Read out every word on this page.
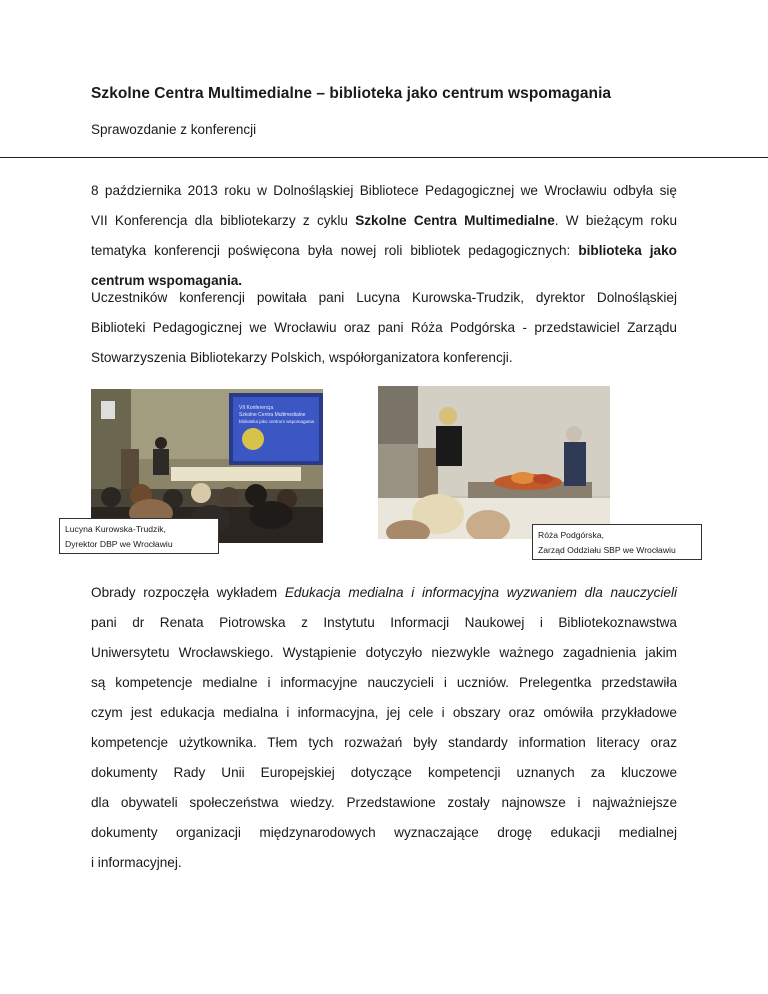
Szkolne Centra Multimedialne – biblioteka jako centrum wspomagania
Sprawozdanie z konferencji
8 października 2013 roku w Dolnośląskiej Bibliotece Pedagogicznej we Wrocławiu odbyła się
VII Konferencja dla bibliotekarzy z cyklu Szkolne Centra Multimedialne. W bieżącym roku
tematyka konferencji poświęcona była nowej roli bibliotek pedagogicznych: biblioteka jako
centrum wspomagania.
Uczestników konferencji powitała pani Lucyna Kurowska-Trudzik, dyrektor Dolnośląskiej
Biblioteki Pedagogicznej we Wrocławiu oraz pani Róża Podgórska - przedstawiciel Zarządu
Stowarzyszenia Bibliotekarzy Polskich, współorganizatora konferencji.
VII Konferencja
Szkolne Centra Multimedialne
biblioteka jako centrum wspomagania
Lucyna Kurowska-Trudzik,
Dyrektor DBP we Wrocławiu
Róża Podgórska,
Zarząd Oddziału SBP we Wrocławiu
Obrady rozpoczęła wykładem Edukacja medialna i informacyjna wyzwaniem dla nauczycieli
pani dr Renata Piotrowska z Instytutu Informacji Naukowej i Bibliotekoznawstwa
Uniwersytetu Wrocławskiego. Wystąpienie dotyczyło niezwykle ważnego zagadnienia jakim
są kompetencje medialne i informacyjne nauczycieli i uczniów. Prelegentka przedstawiła
czym jest edukacja medialna i informacyjna, jej cele i obszary oraz omówiła przykładowe
kompetencje użytkownika. Tłem tych rozważań były standardy information literacy oraz
dokumenty Rady Unii Europejskiej dotyczące kompetencji uznanych za kluczowe
dla obywateli społeczeństwa wiedzy. Przedstawione zostały najnowsze i najważniejsze
dokumenty organizacji międzynarodowych wyznaczające drogę edukacji medialnej
i informacyjnej.
